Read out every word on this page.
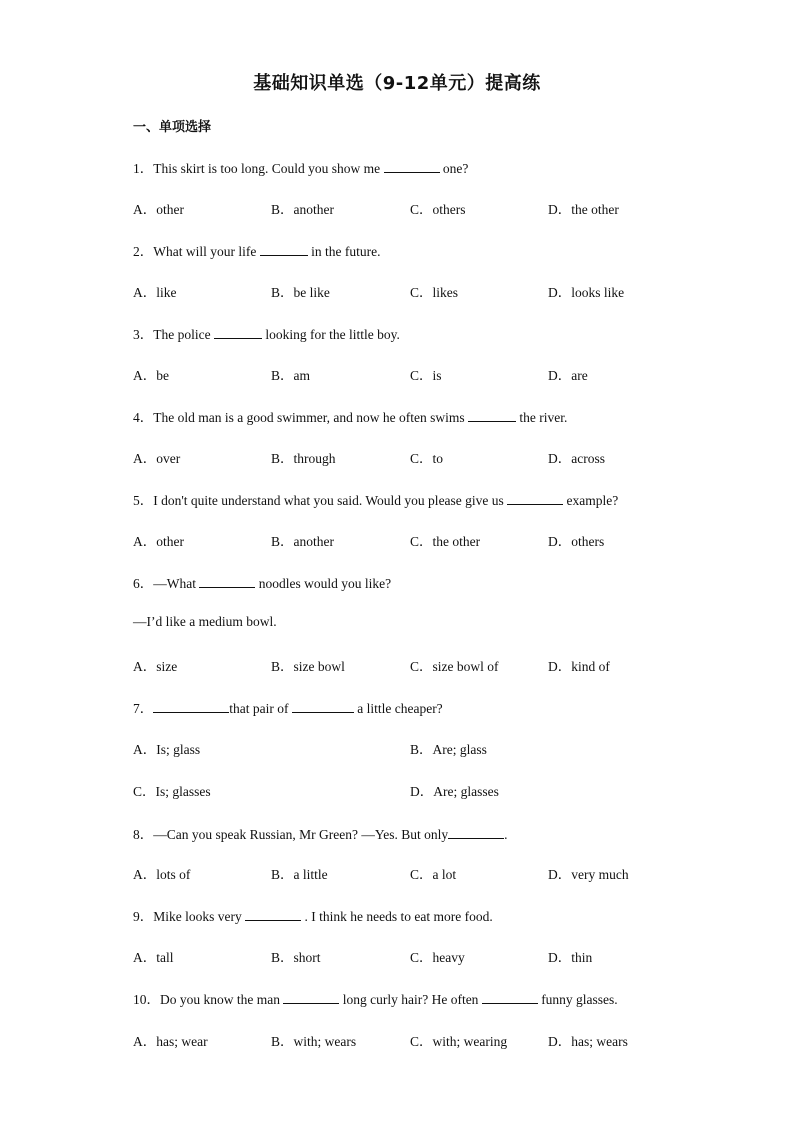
基础知识单选（9-12单元）提高练
一、单项选择
1．This skirt is too long. Could you show me	one?
A．other	B．another	C．others	D．the other
2．What will your life	in the future.
A．like	B．be like	C．likes	D．looks like
3．The police	looking for the little boy.
A．be	B．am	C．is	D．are
4．The old man is a good swimmer, and now he often swims	the river.
A．over	B．through	C．to	D．across
5．I don't quite understand what you said. Would you please give us	example?
A．other	B．another	C．the other	D．others
6．—What	noodles would you like?
—I’d like a medium bowl.
A．size	B．size bowl	C．size bowl of	D．kind of
7．	that pair of	a little cheaper?
A．Is; glass	B．Are; glass
C．Is; glasses	D．Are; glasses
8．—Can you speak Russian, Mr Green? —Yes. But only	.
A．lots of	B．a little	C．a lot	D．very much
9．Mike looks very	. I think he needs to eat more food.
A．tall	B．short	C．heavy	D．thin
10．Do you know the man	long curly hair? He often	funny glasses.
A．has; wear	B．with; wears	C．with; wearing	D．has; wears
